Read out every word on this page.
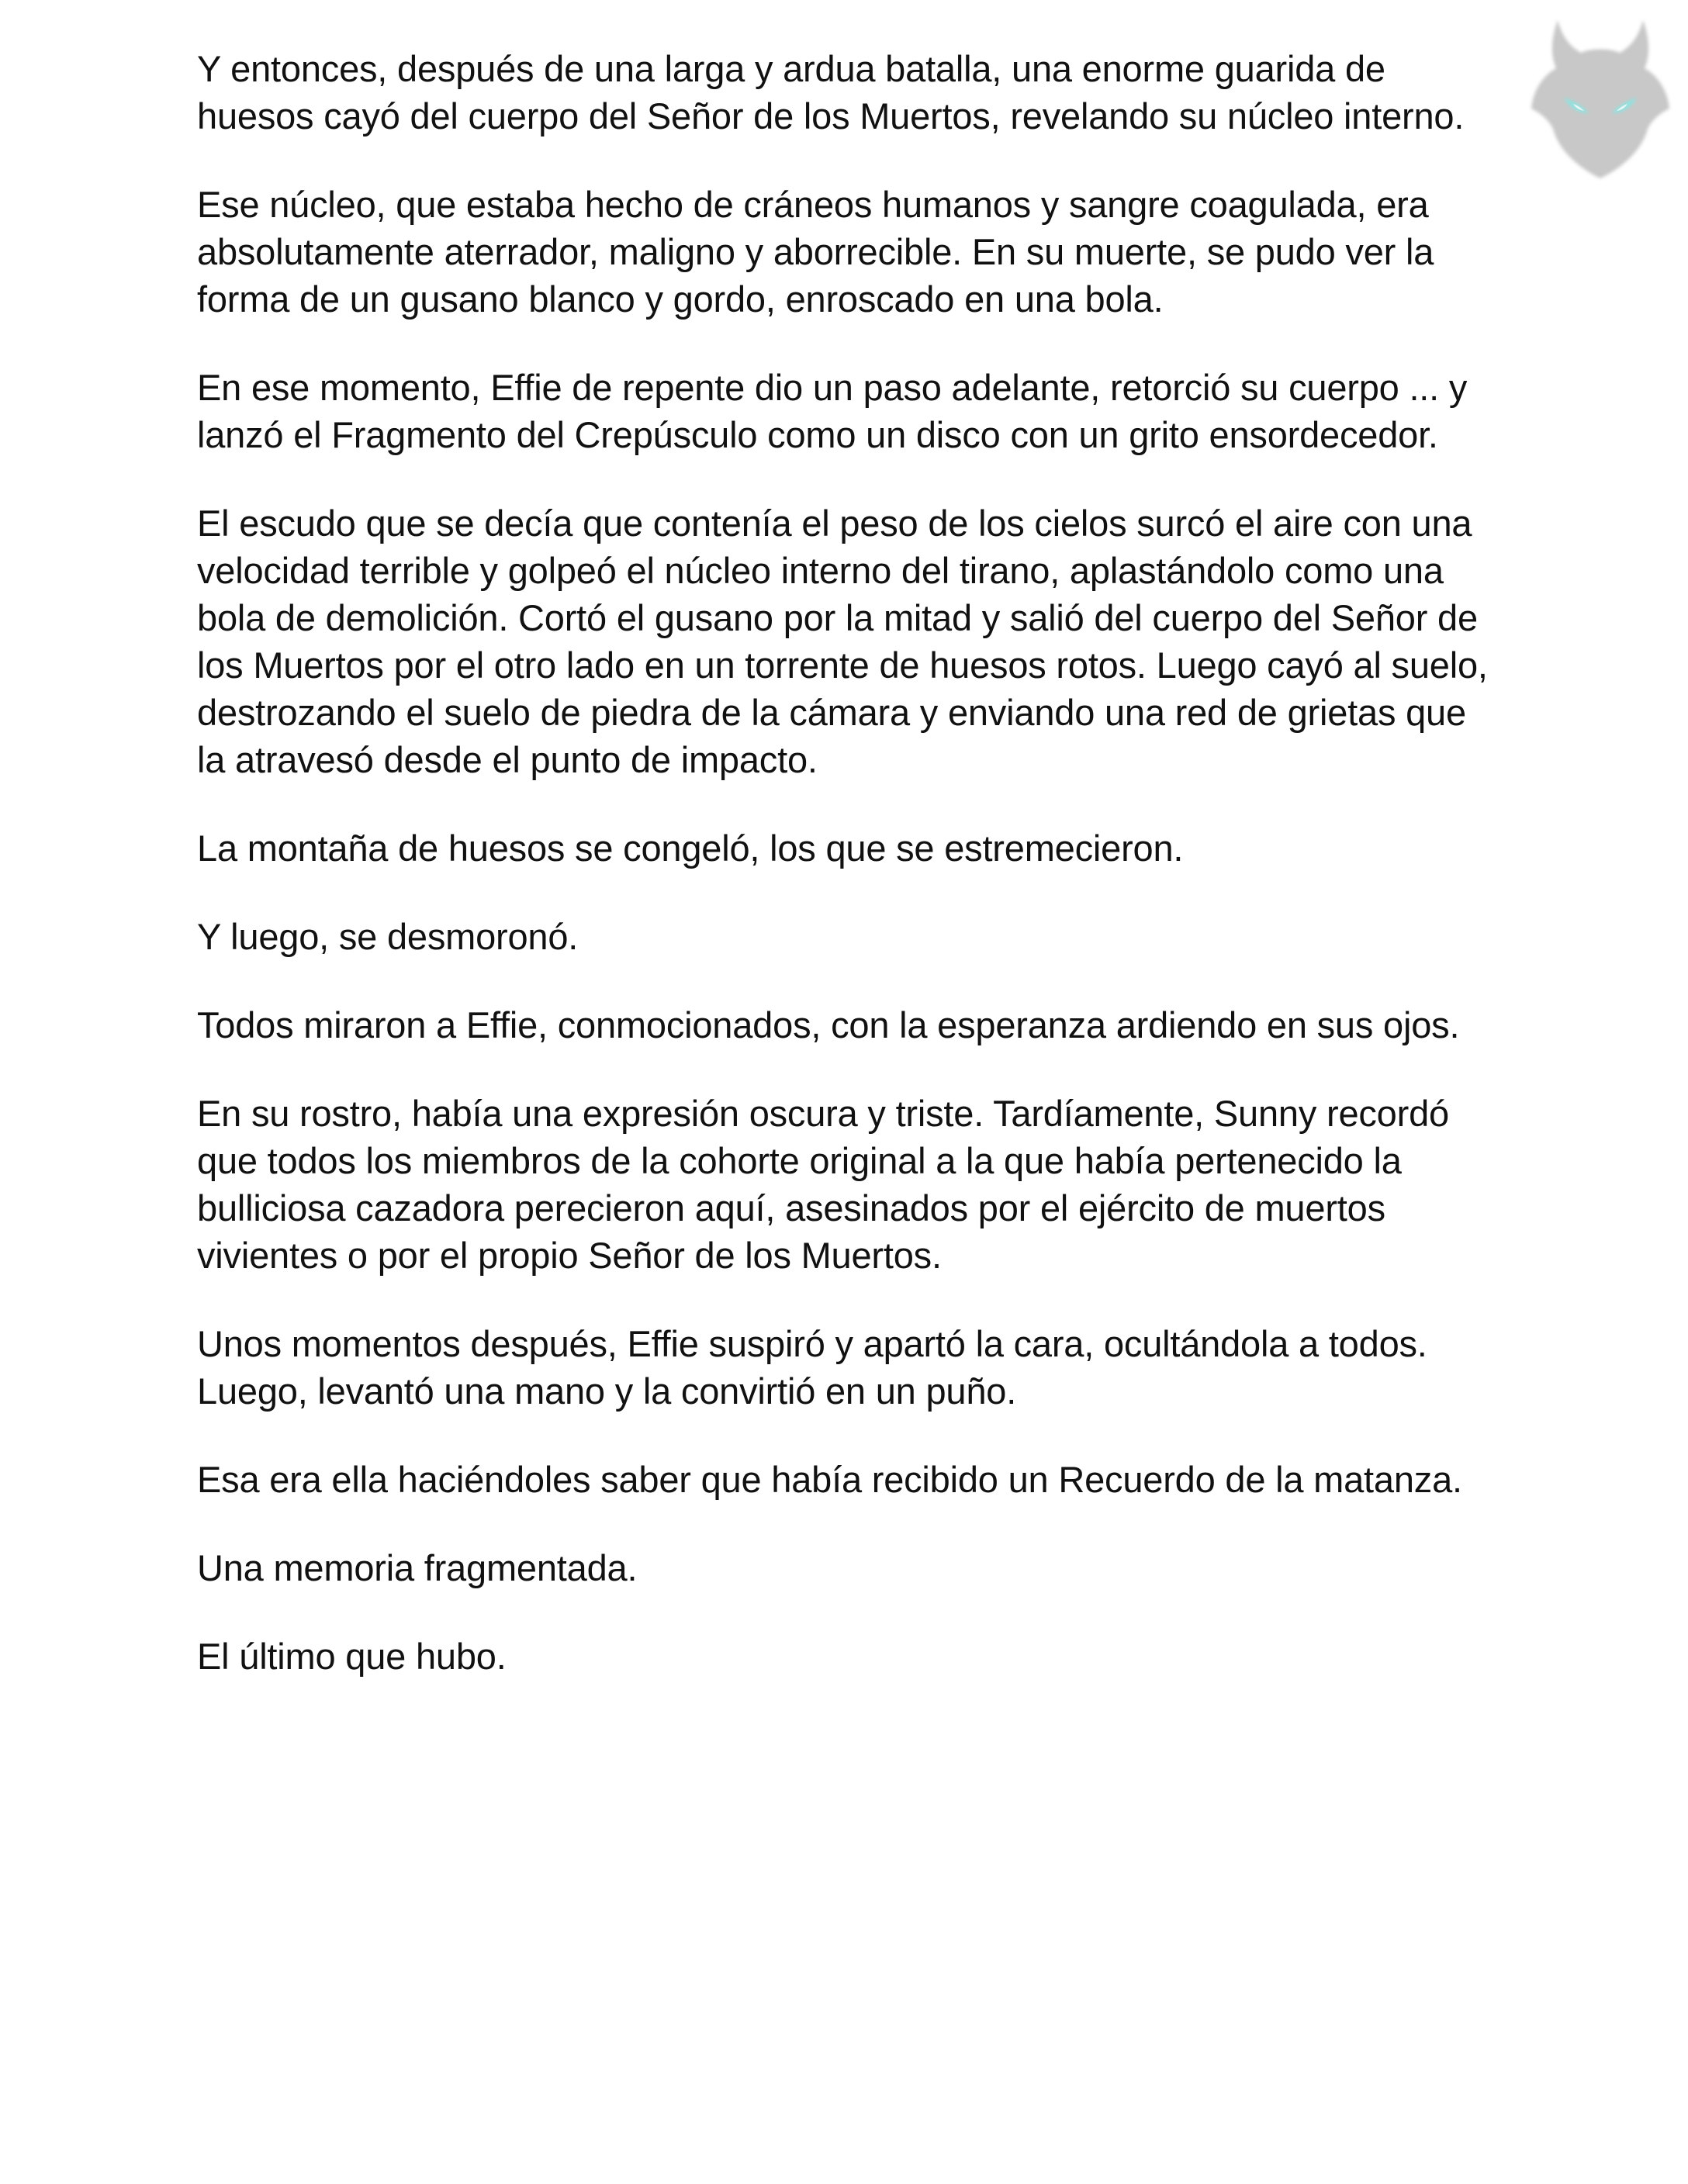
Y entonces, después de una larga y ardua batalla, una enorme guarida de huesos cayó del cuerpo del Señor de los Muertos, revelando su núcleo interno.

Ese núcleo, que estaba hecho de cráneos humanos y sangre coagulada, era absolutamente aterrador, maligno y aborrecible. En su muerte, se pudo ver la forma de un gusano blanco y gordo, enroscado en una bola.

En ese momento, Effie de repente dio un paso adelante, retorció su cuerpo ... y lanzó el Fragmento del Crepúsculo como un disco con un grito ensordecedor.

El escudo que se decía que contenía el peso de los cielos surcó el aire con una velocidad terrible y golpeó el núcleo interno del tirano, aplastándolo como una bola de demolición. Cortó el gusano por la mitad y salió del cuerpo del Señor de los Muertos por el otro lado en un torrente de huesos rotos. Luego cayó al suelo, destrozando el suelo de piedra de la cámara y enviando una red de grietas que la atravesó desde el punto de impacto.

La montaña de huesos se congeló, los que se estremecieron.

Y luego, se desmoronó.

Todos miraron a Effie, conmocionados, con la esperanza ardiendo en sus ojos.

En su rostro, había una expresión oscura y triste. Tardíamente, Sunny recordó que todos los miembros de la cohorte original a la que había pertenecido la bulliciosa cazadora perecieron aquí, asesinados por el ejército de muertos vivientes o por el propio Señor de los Muertos.

Unos momentos después, Effie suspiró y apartó la cara, ocultándola a todos. Luego, levantó una mano y la convirtió en un puño.

Esa era ella haciéndoles saber que había recibido un Recuerdo de la matanza.

Una memoria fragmentada.

El último que hubo.
